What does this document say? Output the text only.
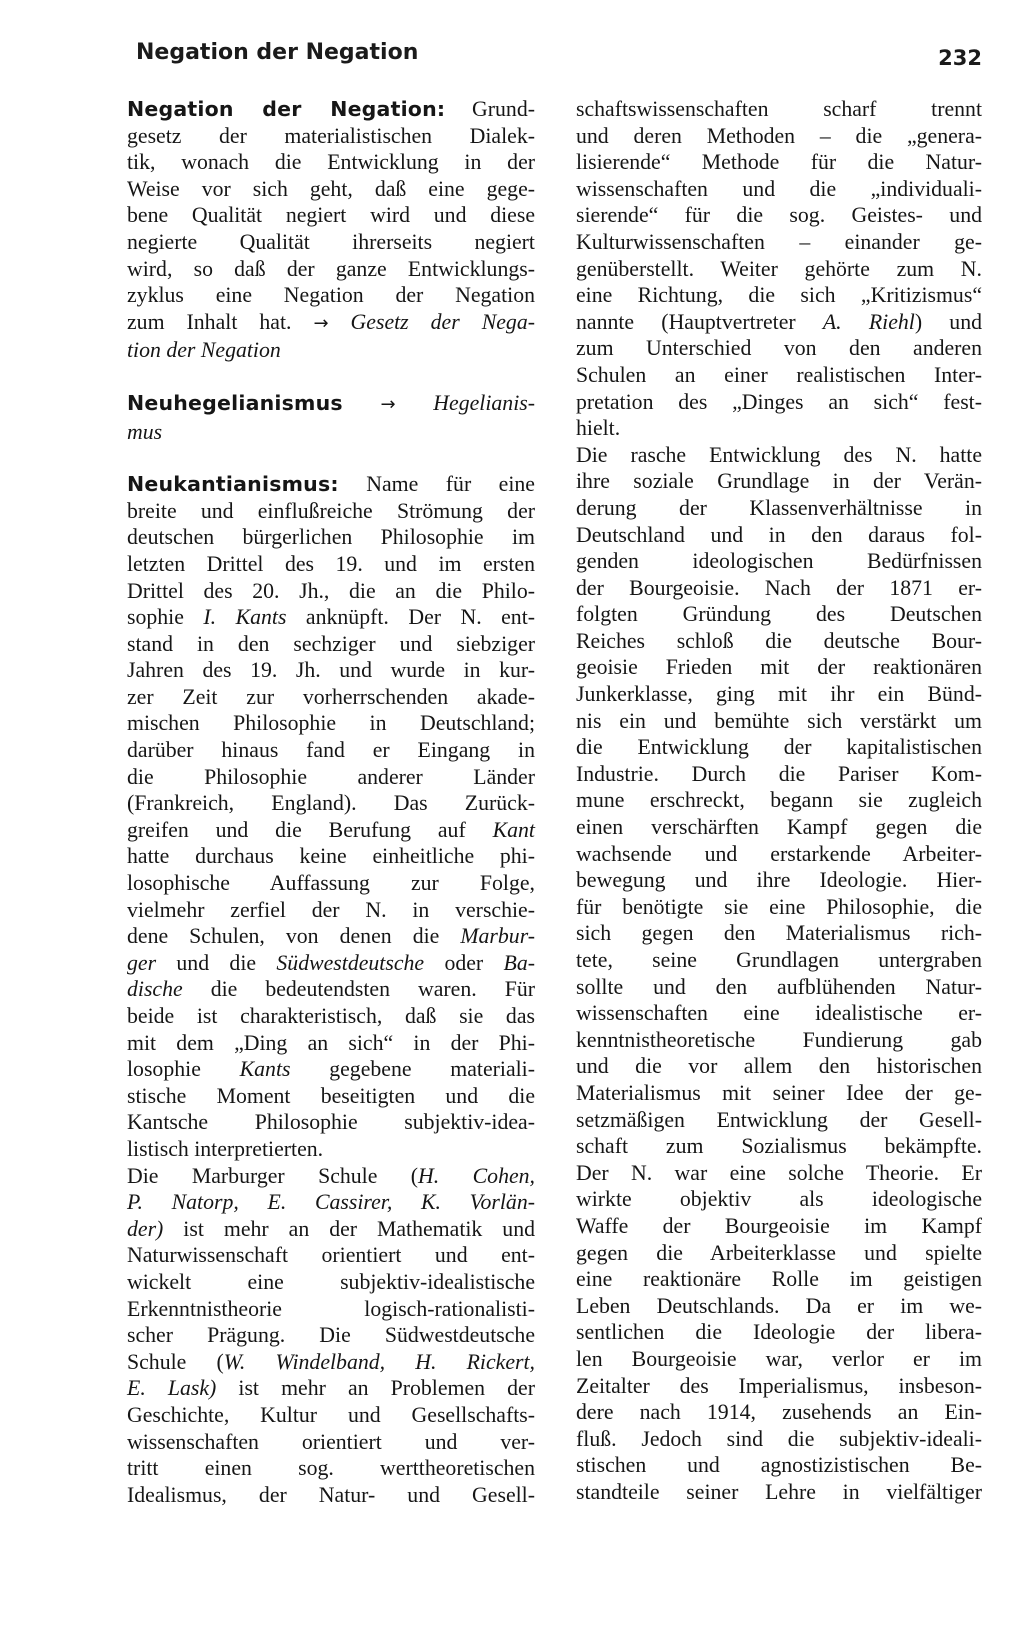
Negation der Negation	232
Negation der Negation: Grund-
gesetz der materialistischen Dialek-
tik, wonach die Entwicklung in der
Weise vor sich geht, daß eine gege-
bene Qualität negiert wird und diese
negierte Qualität ihrerseits negiert
wird, so daß der ganze Entwicklungs-
zyklus eine Negation der Negation
zum Inhalt hat. → Gesetz der Nega-
tion der Negation
Neuhegelianismus → Hegelianis-
mus
Neukantianismus: Name für eine
breite und einflußreiche Strömung der
deutschen bürgerlichen Philosophie im
letzten Drittel des 19. und im ersten
Drittel des 20. Jh., die an die Philo-
sophie I. Kants anknüpft. Der N. ent-
stand in den sechziger und siebziger
Jahren des 19. Jh. und wurde in kur-
zer Zeit zur vorherrschenden akade-
mischen Philosophie in Deutschland;
darüber hinaus fand er Eingang in
die Philosophie anderer Länder
(Frankreich, England). Das Zurück-
greifen und die Berufung auf Kant
hatte durchaus keine einheitliche phi-
losophische Auffassung zur Folge,
vielmehr zerfiel der N. in verschie-
dene Schulen, von denen die Marbur-
ger und die Südwestdeutsche oder Ba-
dische die bedeutendsten waren. Für
beide ist charakteristisch, daß sie das
mit dem „Ding an sich“ in der Phi-
losophie Kants gegebene materiali-
stische Moment beseitigten und die
Kantsche Philosophie subjektiv-idea-
listisch interpretierten.
Die Marburger Schule (H. Cohen,
P. Natorp, E. Cassirer, K. Vorlän-
der) ist mehr an der Mathematik und
Naturwissenschaft orientiert und ent-
wickelt eine subjektiv-idealistische
Erkenntnistheorie logisch-rationalisti-
scher Prägung. Die Südwestdeutsche
Schule (W. Windelband, H. Rickert,
E. Lask) ist mehr an Problemen der
Geschichte, Kultur und Gesellschafts-
wissenschaften orientiert und ver-
tritt einen sog. werttheoretischen
Idealismus, der Natur- und Gesell-
schaftswissenschaften scharf trennt
und deren Methoden – die „genera-
lisierende“ Methode für die Natur-
wissenschaften und die „individuali-
sierende“ für die sog. Geistes- und
Kulturwissenschaften – einander ge-
genüberstellt. Weiter gehörte zum N.
eine Richtung, die sich „Kritizismus“
nannte (Hauptvertreter A. Riehl) und
zum Unterschied von den anderen
Schulen an einer realistischen Inter-
pretation des „Dinges an sich“ fest-
hielt.
Die rasche Entwicklung des N. hatte
ihre soziale Grundlage in der Verän-
derung der Klassenverhältnisse in
Deutschland und in den daraus fol-
genden ideologischen Bedürfnissen
der Bourgeoisie. Nach der 1871 er-
folgten Gründung des Deutschen
Reiches schloß die deutsche Bour-
geoisie Frieden mit der reaktionären
Junkerklasse, ging mit ihr ein Bünd-
nis ein und bemühte sich verstärkt um
die Entwicklung der kapitalistischen
Industrie. Durch die Pariser Kom-
mune erschreckt, begann sie zugleich
einen verschärften Kampf gegen die
wachsende und erstarkende Arbeiter-
bewegung und ihre Ideologie. Hier-
für benötigte sie eine Philosophie, die
sich gegen den Materialismus rich-
tete, seine Grundlagen untergraben
sollte und den aufblühenden Natur-
wissenschaften eine idealistische er-
kenntnistheoretische Fundierung gab
und die vor allem den historischen
Materialismus mit seiner Idee der ge-
setzmäßigen Entwicklung der Gesell-
schaft zum Sozialismus bekämpfte.
Der N. war eine solche Theorie. Er
wirkte objektiv als ideologische
Waffe der Bourgeoisie im Kampf
gegen die Arbeiterklasse und spielte
eine reaktionäre Rolle im geistigen
Leben Deutschlands. Da er im we-
sentlichen die Ideologie der libera-
len Bourgeoisie war, verlor er im
Zeitalter des Imperialismus, insbeson-
dere nach 1914, zusehends an Ein-
fluß. Jedoch sind die subjektiv-ideali-
stischen und agnostizistischen Be-
standteile seiner Lehre in vielfältiger
